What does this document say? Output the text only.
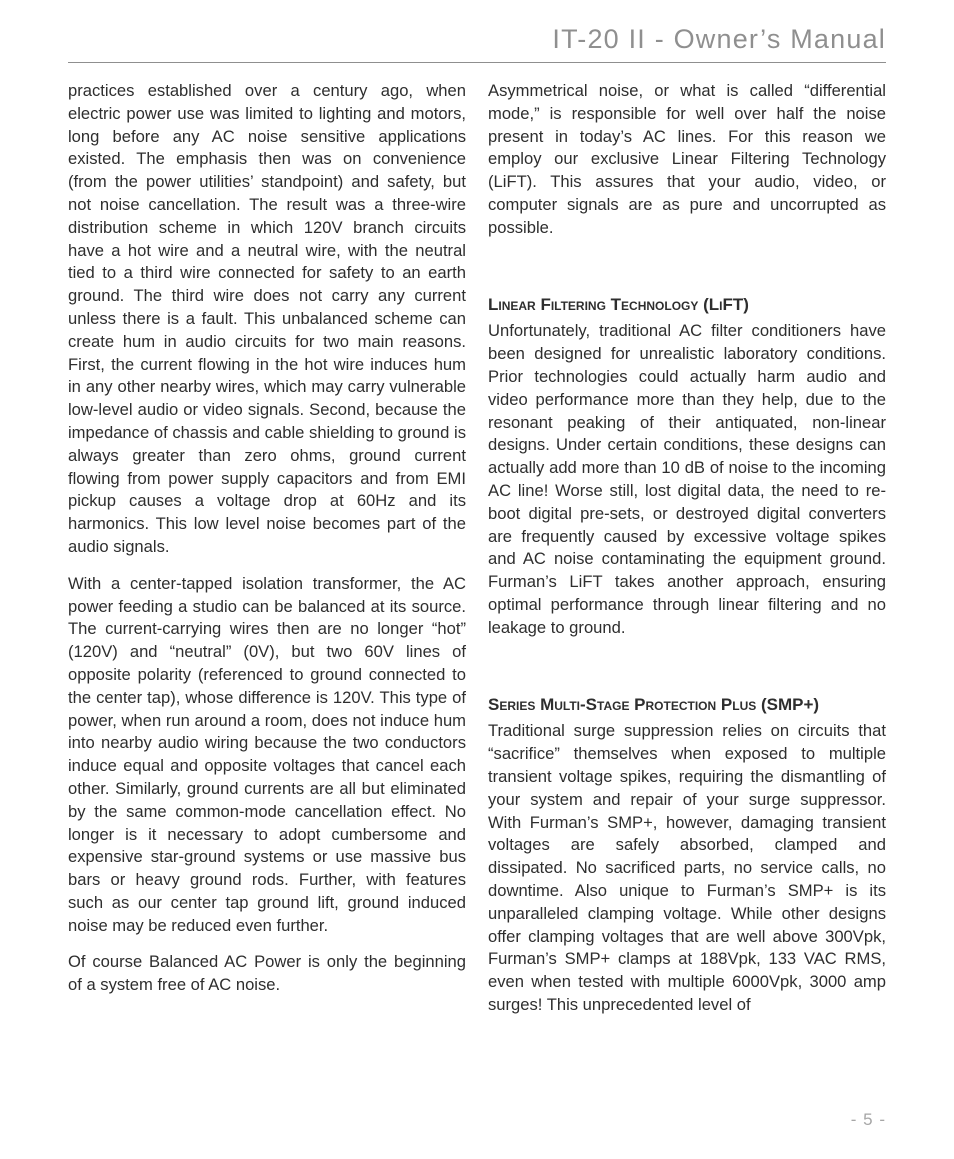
IT-20 II - Owner’s Manual

practices established over a century ago, when electric power use was limited to lighting and motors, long before any AC noise sensitive applications existed. The emphasis then was on convenience (from the power utilities’ standpoint) and safety, but not noise cancellation. The result was a three-wire distribution scheme in which 120V branch circuits have a hot wire and a neutral wire, with the neutral tied to a third wire connected for safety to an earth ground. The third wire does not carry any current unless there is a fault. This unbalanced scheme can create hum in audio circuits for two main reasons. First, the current flowing in the hot wire induces hum in any other nearby wires, which may carry vulnerable low-level audio or video signals. Second, because the impedance of chassis and cable shielding to ground is always greater than zero ohms, ground current flowing from power supply capacitors and from EMI pickup causes a voltage drop at 60Hz and its harmonics. This low level noise becomes part of the audio signals.

With a center-tapped isolation transformer, the AC power feeding a studio can be balanced at its source. The current-carrying wires then are no longer “hot” (120V) and “neutral” (0V), but two 60V lines of opposite polarity (referenced to ground connected to the center tap), whose difference is 120V. This type of power, when run around a room, does not induce hum into nearby audio wiring because the two conductors induce equal and opposite voltages that cancel each other. Similarly, ground currents are all but eliminated by the same common-mode cancellation effect. No longer is it necessary to adopt cumbersome and expensive star-ground systems or use massive bus bars or heavy ground rods. Further, with features such as our center tap ground lift, ground induced noise may be reduced even further.

Of course Balanced AC Power is only the beginning of a system free of AC noise.

Asymmetrical noise, or what is called “differential mode,” is responsible for well over half the noise present in today’s AC lines. For this reason we employ our exclusive Linear Filtering Technology (LiFT). This assures that your audio, video, or computer signals are as pure and uncorrupted as possible.

Linear Filtering Technology (LiFT)

Unfortunately, traditional AC filter conditioners have been designed for unrealistic laboratory conditions. Prior technologies could actually harm audio and video performance more than they help, due to the resonant peaking of their antiquated, non-linear designs. Under certain conditions, these designs can actually add more than 10 dB of noise to the incoming AC line! Worse still, lost digital data, the need to re-boot digital pre-sets, or destroyed digital converters are frequently caused by excessive voltage spikes and AC noise contaminating the equipment ground. Furman’s LiFT takes another approach, ensuring optimal performance through linear filtering and no leakage to ground.

Series Multi-Stage Protection Plus (SMP+)

Traditional surge suppression relies on circuits that “sacrifice” themselves when exposed to multiple transient voltage spikes, requiring the dismantling of your system and repair of your surge suppressor. With Furman’s SMP+, however, damaging transient voltages are safely absorbed, clamped and dissipated. No sacrificed parts, no service calls, no downtime. Also unique to Furman’s SMP+ is its unparalleled clamping voltage. While other designs offer clamping voltages that are well above 300Vpk, Furman’s SMP+ clamps at 188Vpk, 133 VAC RMS, even when tested with multiple 6000Vpk, 3000 amp surges! This unprecedented level of

- 5 -
